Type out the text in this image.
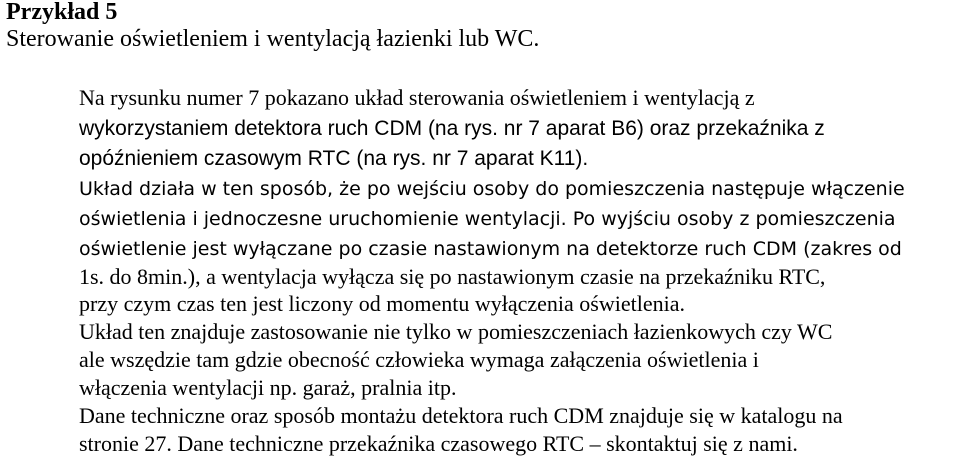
Przykład 5
Sterowanie oświetleniem i wentylacją łazienki lub WC.
Na rysunku numer 7 pokazano układ sterowania oświetleniem i wentylacją z
wykorzystaniem detektora ruch CDM (na rys. nr 7 aparat B6) oraz przekaźnika z
opóźnieniem czasowym RTC (na rys. nr 7 aparat K11).
Układ działa w ten sposób, że po wejściu osoby do pomieszczenia następuje włączenie
oświetlenia i jednoczesne uruchomienie wentylacji. Po wyjściu osoby z pomieszczenia
oświetlenie jest wyłączane po czasie nastawionym na detektorze ruch CDM (zakres od
1s. do 8min.), a wentylacja wyłącza się po nastawionym czasie na przekaźniku RTC,
przy czym czas ten jest liczony od momentu wyłączenia oświetlenia.
Układ ten znajduje zastosowanie nie tylko w pomieszczeniach łazienkowych czy WC
ale wszędzie tam gdzie obecność człowieka wymaga załączenia oświetlenia i
włączenia wentylacji np. garaż, pralnia itp.
Dane techniczne oraz sposób montażu detektora ruch CDM znajduje się w katalogu na
stronie 27. Dane techniczne przekaźnika czasowego RTC – skontaktuj się z nami.
